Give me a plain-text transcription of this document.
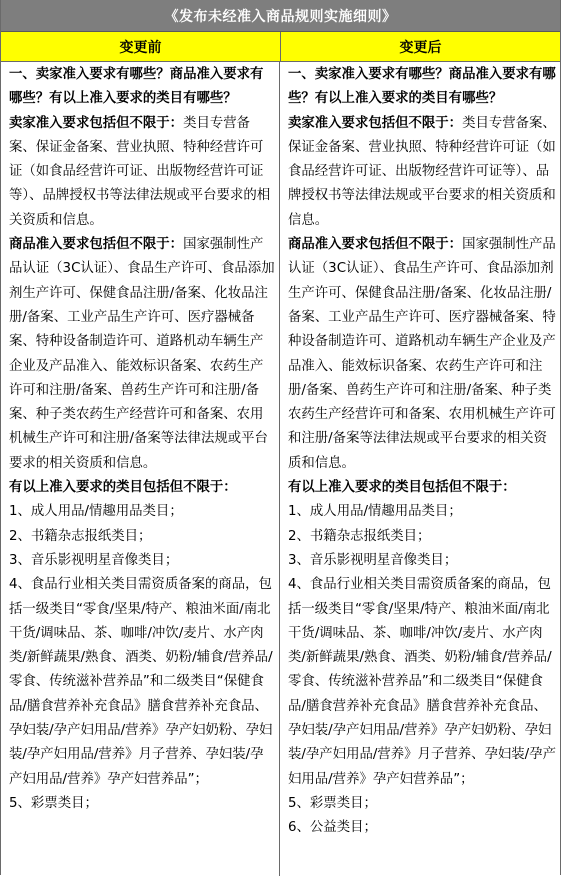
《发布未经准入商品规则实施细则》
变更前	变更后

一、卖家准入要求有哪些？商品准入要求有哪些？有以上准入要求的类目有哪些？

卖家准入要求包括但不限于：类目专营备案、保证金备案、营业执照、特种经营许可证（如食品经营许可证、出版物经营许可证等）、品牌授权书等法律法规或平台要求的相关资质和信息。

商品准入要求包括但不限于：国家强制性产品认证（3C认证）、食品生产许可、食品添加剂生产许可、保健食品注册/备案、化妆品注册/备案、工业产品生产许可、医疗器械备案、特种设备制造许可、道路机动车辆生产企业及产品准入、能效标识备案、农药生产许可和注册/备案、兽药生产许可和注册/备案、种子类农药生产经营许可和备案、农用机械生产许可和注册/备案等法律法规或平台要求的相关资质和信息。

有以上准入要求的类目包括但不限于：

1、成人用品/情趣用品类目；

2、书籍杂志报纸类目；

3、音乐影视明星音像类目；

4、食品行业相关类目需资质备案的商品，包括一级类目“零食/坚果/特产、粮油米面/南北干货/调味品、茶、咖啡/冲饮/麦片、水产肉类/新鲜蔬果/熟食、酒类、奶粉/辅食/营养品/零食、传统滋补营养品”和二级类目“保健食品/膳食营养补充食品》膳食营养补充食品、孕妇装/孕产妇用品/营养》孕产妇奶粉、孕妇装/孕产妇用品/营养》月子营养、孕妇装/孕产妇用品/营养》孕产妇营养品”；

5、彩票类目；

一、卖家准入要求有哪些？商品准入要求有哪些？有以上准入要求的类目有哪些？

卖家准入要求包括但不限于：类目专营备案、保证金备案、营业执照、特种经营许可证（如食品经营许可证、出版物经营许可证等）、品牌授权书等法律法规或平台要求的相关资质和信息。

商品准入要求包括但不限于：国家强制性产品认证（3C认证）、食品生产许可、食品添加剂生产许可、保健食品注册/备案、化妆品注册/备案、工业产品生产许可、医疗器械备案、特种设备制造许可、道路机动车辆生产企业及产品准入、能效标识备案、农药生产许可和注册/备案、兽药生产许可和注册/备案、种子类农药生产经营许可和备案、农用机械生产许可和注册/备案等法律法规或平台要求的相关资质和信息。

有以上准入要求的类目包括但不限于：

1、成人用品/情趣用品类目；

2、书籍杂志报纸类目；

3、音乐影视明星音像类目；

4、食品行业相关类目需资质备案的商品，包括一级类目“零食/坚果/特产、粮油米面/南北干货/调味品、茶、咖啡/冲饮/麦片、水产肉类/新鲜蔬果/熟食、酒类、奶粉/辅食/营养品/零食、传统滋补营养品”和二级类目“保健食品/膳食营养补充食品》膳食营养补充食品、孕妇装/孕产妇用品/营养》孕产妇奶粉、孕妇装/孕产妇用品/营养》月子营养、孕妇装/孕产妇用品/营养》孕产妇营养品”；

5、彩票类目；

6、公益类目；
